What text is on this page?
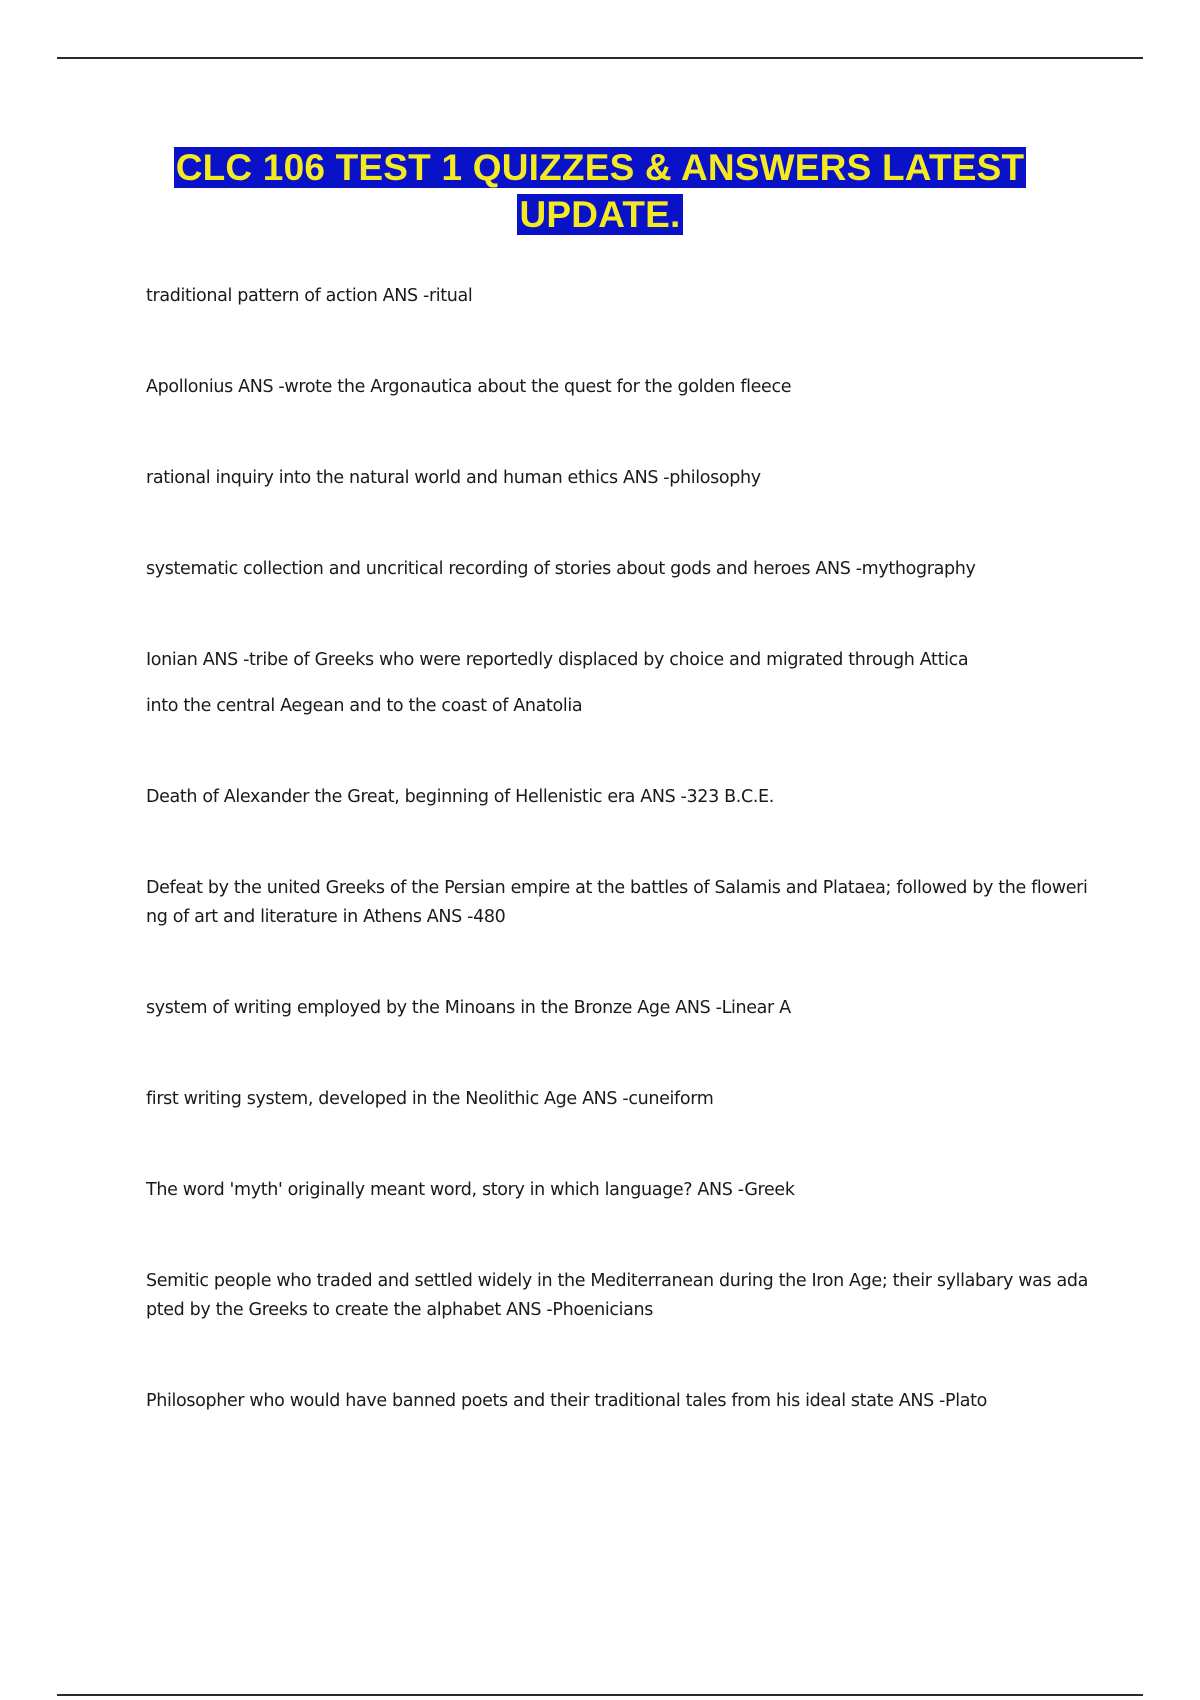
CLC 106 TEST 1 QUIZZES & ANSWERS LATEST UPDATE.

traditional pattern of action ANS -ritual

Apollonius ANS -wrote the Argonautica about the quest for the golden fleece

rational inquiry into the natural world and human ethics ANS -philosophy

systematic collection and uncritical recording of stories about gods and heroes ANS -mythography

Ionian ANS -tribe of Greeks who were reportedly displaced by choice and migrated through Attica

into the central Aegean and to the coast of Anatolia

Death of Alexander the Great, beginning of Hellenistic era ANS -323 B.C.E.

Defeat by the united Greeks of the Persian empire at the battles of Salamis and Plataea; followed by the flowering of art and literature in Athens ANS -480

system of writing employed by the Minoans in the Bronze Age ANS -Linear A

first writing system, developed in the Neolithic Age ANS -cuneiform

The word 'myth' originally meant word, story in which language? ANS -Greek

Semitic people who traded and settled widely in the Mediterranean during the Iron Age; their syllabary was adapted by the Greeks to create the alphabet ANS -Phoenicians

Philosopher who would have banned poets and their traditional tales from his ideal state ANS -Plato
